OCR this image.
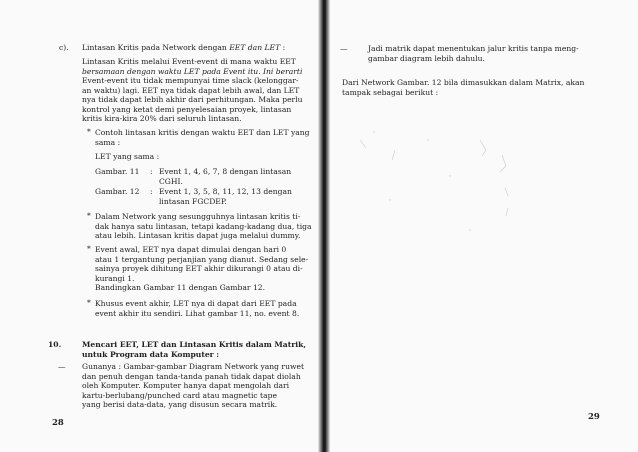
c). Lintasan Kritis pada Network dengan EET dan LET :
Lintasan Kritis melalui Event-event di mana waktu EET
bersamaan dengan waktu LET pada Event itu. Ini berarti
Event-event itu tidak mempunyai time slack (kelonggar-
an waktu) lagi. EET nya tidak dapat lebih awal, dan LET
nya tidak dapat lebih akhir dari perhitungan. Maka perlu
kontrol yang ketat demi penyelesaian proyek, lintasan
kritis kira-kira 20% dari seluruh lintasan.
* Contoh lintasan kritis dengan waktu EET dan LET yang
sama :
LET yang sama :
Gambar. 11 : Event 1, 4, 6, 7, 8 dengan lintasan
CGHI.
Gambar. 12 : Event 1, 3, 5, 8, 11, 12, 13 dengan
lintasan FGCDEP.
* Dalam Network yang sesungguhnya lintasan kritis ti-
dak hanya satu lintasan, tetapi kadang-kadang dua, tiga
atau lebih. Lintasan kritis dapat juga melalui dummy.
* Event awal, EET nya dapat dimulai dengan hari 0
atau 1 tergantung perjanjian yang dianut. Sedang sele-
sainya proyek dihitung EET akhir dikurangi 0 atau di-
kurangi 1.
Bandingkan Gambar 11 dengan Gambar 12.
* Khusus event akhir, LET nya di dapat dari EET pada
event akhir itu sendiri. Lihat gambar 11, no. event 8.
10.	Mencari EET, LET dan Lintasan Kritis dalam Matrik,
untuk Program data Komputer :
— Gunanya : Gambar-gambar Diagram Network yang ruwet
dan penuh dengan tanda-tanda panah tidak dapat diolah
oleh Komputer. Komputer hanya dapat mengolah dari
kartu-berlubang/punched card atau magnetic tape
yang berisi data-data, yang disusun secara matrik.
28
—	Jadi matrik dapat menentukan jalur kritis tanpa meng-
gambar diagram lebih dahulu.
Dari Network Gambar. 12 bila dimasukkan dalam Matrix, akan
tampak sebagai berikut :
29
